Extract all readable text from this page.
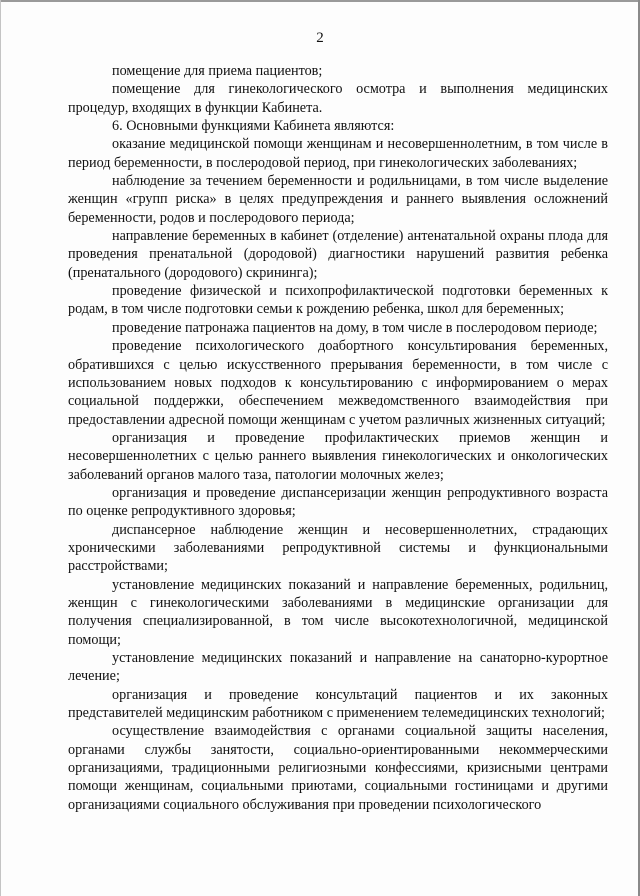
2

помещение для приема пациентов;

помещение для гинекологического осмотра и выполнения медицинских процедур, входящих в функции Кабинета.

6. Основными функциями Кабинета являются:

оказание медицинской помощи женщинам и несовершеннолетним, в том числе в период беременности, в послеродовой период, при гинекологических заболеваниях;

наблюдение за течением беременности и родильницами, в том числе выделение женщин «групп риска» в целях предупреждения и раннего выявления осложнений беременности, родов и послеродового периода;

направление беременных в кабинет (отделение) антенатальной охраны плода для проведения пренатальной (дородовой) диагностики нарушений развития ребенка (пренатального (дородового) скрининга);

проведение физической и психопрофилактической подготовки беременных к родам, в том числе подготовки семьи к рождению ребенка, школ для беременных;

проведение патронажа пациентов на дому, в том числе в послеродовом периоде;

проведение психологического доабортного консультирования беременных, обратившихся с целью искусственного прерывания беременности, в том числе с использованием новых подходов к консультированию с информированием о мерах социальной поддержки, обеспечением межведомственного взаимодействия при предоставлении адресной помощи женщинам с учетом различных жизненных ситуаций;

организация и проведение профилактических приемов женщин и несовершеннолетних с целью раннего выявления гинекологических и онкологических заболеваний органов малого таза, патологии молочных желез;

организация и проведение диспансеризации женщин репродуктивного возраста по оценке репродуктивного здоровья;

диспансерное наблюдение женщин и несовершеннолетних, страдающих хроническими заболеваниями репродуктивной системы и функциональными расстройствами;

установление медицинских показаний и направление беременных, родильниц, женщин с гинекологическими заболеваниями в медицинские организации для получения специализированной, в том числе высокотехнологичной, медицинской помощи;

установление медицинских показаний и направление на санаторно-курортное лечение;

организация и проведение консультаций пациентов и их законных представителей медицинским работником с применением телемедицинских технологий;

осуществление взаимодействия с органами социальной защиты населения, органами службы занятости, социально-ориентированными некоммерческими организациями, традиционными религиозными конфессиями, кризисными центрами помощи женщинам, социальными приютами, социальными гостиницами и другими организациями социального обслуживания при проведении психологического
